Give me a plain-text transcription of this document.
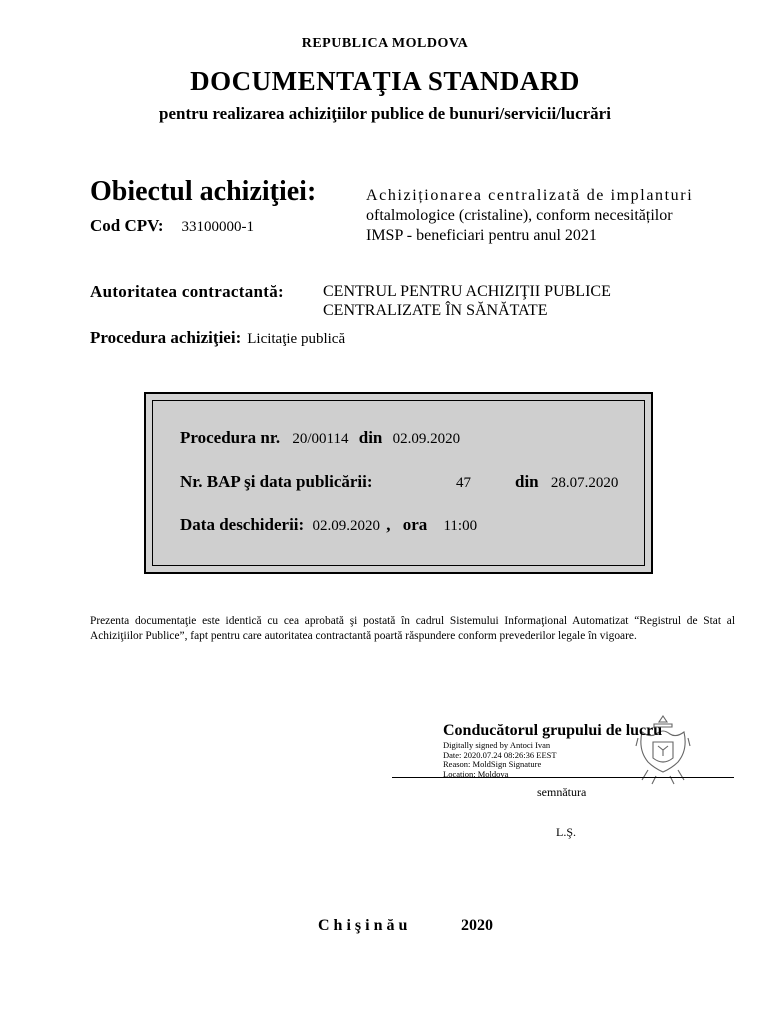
REPUBLICA MOLDOVA
DOCUMENTAŢIA STANDARD
pentru realizarea achiziţiilor publice de bunuri/servicii/lucrări
Obiectul achiziţiei:	Achiziționarea centralizată de implanturi
oftalmologice (cristaline), conform necesităților
IMSP - beneficiari pentru anul 2021
Cod CPV: 33100000-1
Autoritatea contractantă: CENTRUL PENTRU ACHIZIŢII PUBLICE
CENTRALIZATE ÎN SĂNĂTATE
Procedura achiziţiei: Licitaţie publică
Procedura nr. 20/00114 din 02.09.2020
Nr. BAP şi data publicării:	47	din 28.07.2020
Data deschiderii: 02.09.2020 , ora 11:00
Prezenta documentaţie este identică cu cea aprobată şi postată în cadrul Sistemului Informaţional Automatizat “Registrul de Stat al Achiziţiilor Publice”, fapt pentru care autoritatea contractantă poartă răspundere conform prevederilor legale în vigoare.
Conducătorul grupului de lucru
Digitally signed by Antoci Ivan
Date: 2020.07.24 08:26:36 EEST
Reason: MoldSign Signature
Location: Moldova
semnătura
L.Ş.
Chişinău	2020
